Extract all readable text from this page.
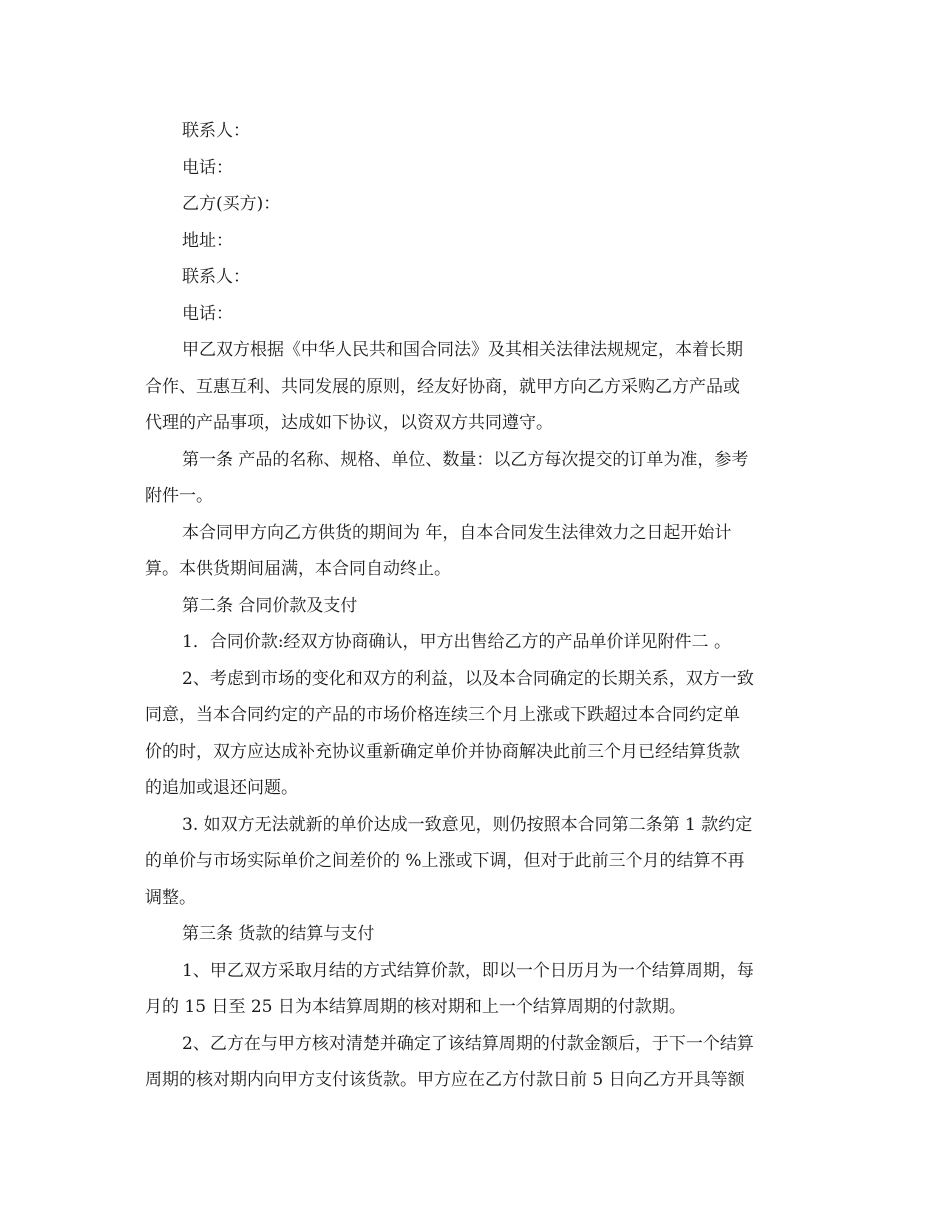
联系人：
电话：
乙方(买方)：
地址：
联系人：
电话：
甲乙双方根据《中华人民共和国合同法》及其相关法律法规规定，本着长期
合作、互惠互利、共同发展的原则，经友好协商，就甲方向乙方采购乙方产品或
代理的产品事项，达成如下协议，以资双方共同遵守。
第一条 产品的名称、规格、单位、数量：以乙方每次提交的订单为准，参考
附件一。
本合同甲方向乙方供货的期间为 年，自本合同发生法律效力之日起开始计
算。本供货期间届满，本合同自动终止。
第二条 合同价款及支付
1．合同价款:经双方协商确认，甲方出售给乙方的产品单价详见附件二 。
2、考虑到市场的变化和双方的利益，以及本合同确定的长期关系，双方一致
同意，当本合同约定的产品的市场价格连续三个月上涨或下跌超过本合同约定单
价的时，双方应达成补充协议重新确定单价并协商解决此前三个月已经结算货款
的追加或退还问题。
3. 如双方无法就新的单价达成一致意见，则仍按照本合同第二条第 1 款约定
的单价与市场实际单价之间差价的 %上涨或下调，但对于此前三个月的结算不再
调整。
第三条 货款的结算与支付
1、甲乙双方采取月结的方式结算价款，即以一个日历月为一个结算周期，每
月的 15 日至 25 日为本结算周期的核对期和上一个结算周期的付款期。
2、乙方在与甲方核对清楚并确定了该结算周期的付款金额后，于下一个结算
周期的核对期内向甲方支付该货款。甲方应在乙方付款日前 5 日向乙方开具等额
